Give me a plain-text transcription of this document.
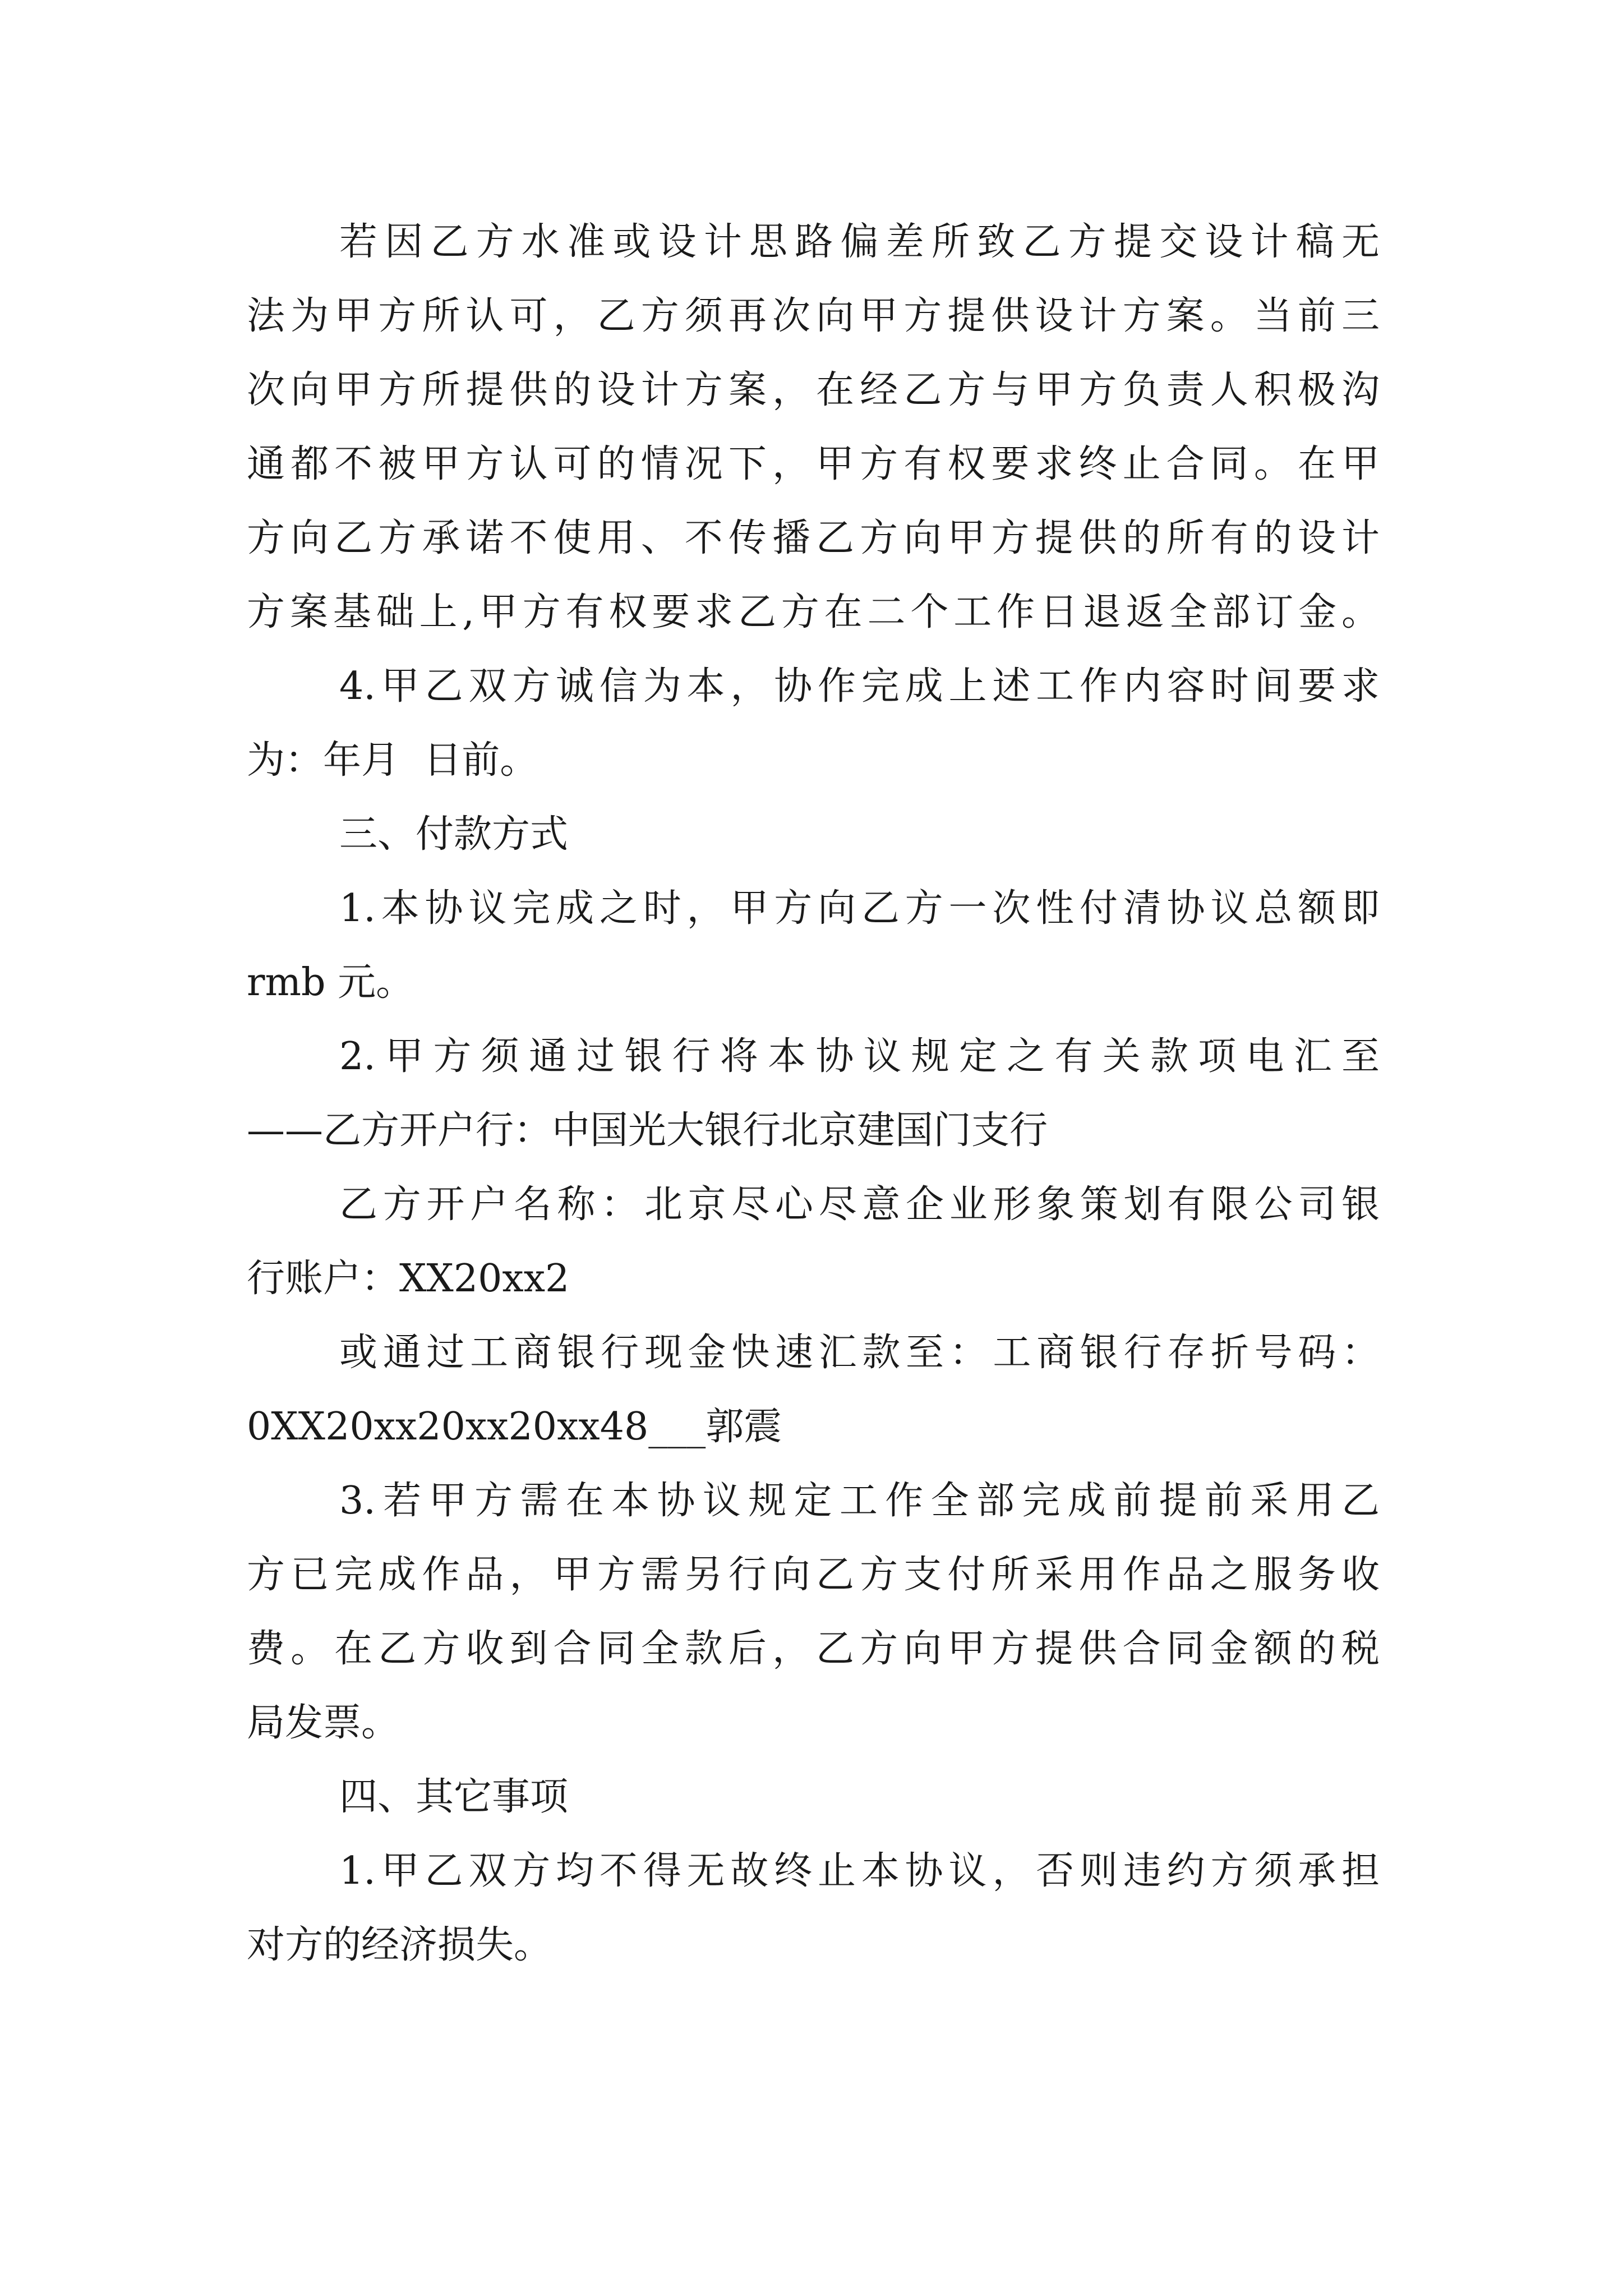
若因乙方水准或设计思路偏差所致乙方提交设计稿无
法为甲方所认可，乙方须再次向甲方提供设计方案。当前三
次向甲方所提供的设计方案，在经乙方与甲方负责人积极沟
通都不被甲方认可的情况下，甲方有权要求终止合同。在甲
方向乙方承诺不使用、不传播乙方向甲方提供的所有的设计
方案基础上,甲方有权要求乙方在二个工作日退返全部订金。
4.甲乙双方诚信为本，协作完成上述工作内容时间要求
为：年月  日前。
三、付款方式
1.本协议完成之时，甲方向乙方一次性付清协议总额即
rmb 元。
2.甲方须通过银行将本协议规定之有关款项电汇至
——乙方开户行：中国光大银行北京建国门支行
乙方开户名称：北京尽心尽意企业形象策划有限公司银
行账户：XX20xx2
或通过工商银行现金快速汇款至：工商银行存折号码：
0XX20xx20xx20xx48___郭震
3.若甲方需在本协议规定工作全部完成前提前采用乙
方已完成作品，甲方需另行向乙方支付所采用作品之服务收
费。在乙方收到合同全款后，乙方向甲方提供合同金额的税
局发票。
四、其它事项
1.甲乙双方均不得无故终止本协议，否则违约方须承担
对方的经济损失。
